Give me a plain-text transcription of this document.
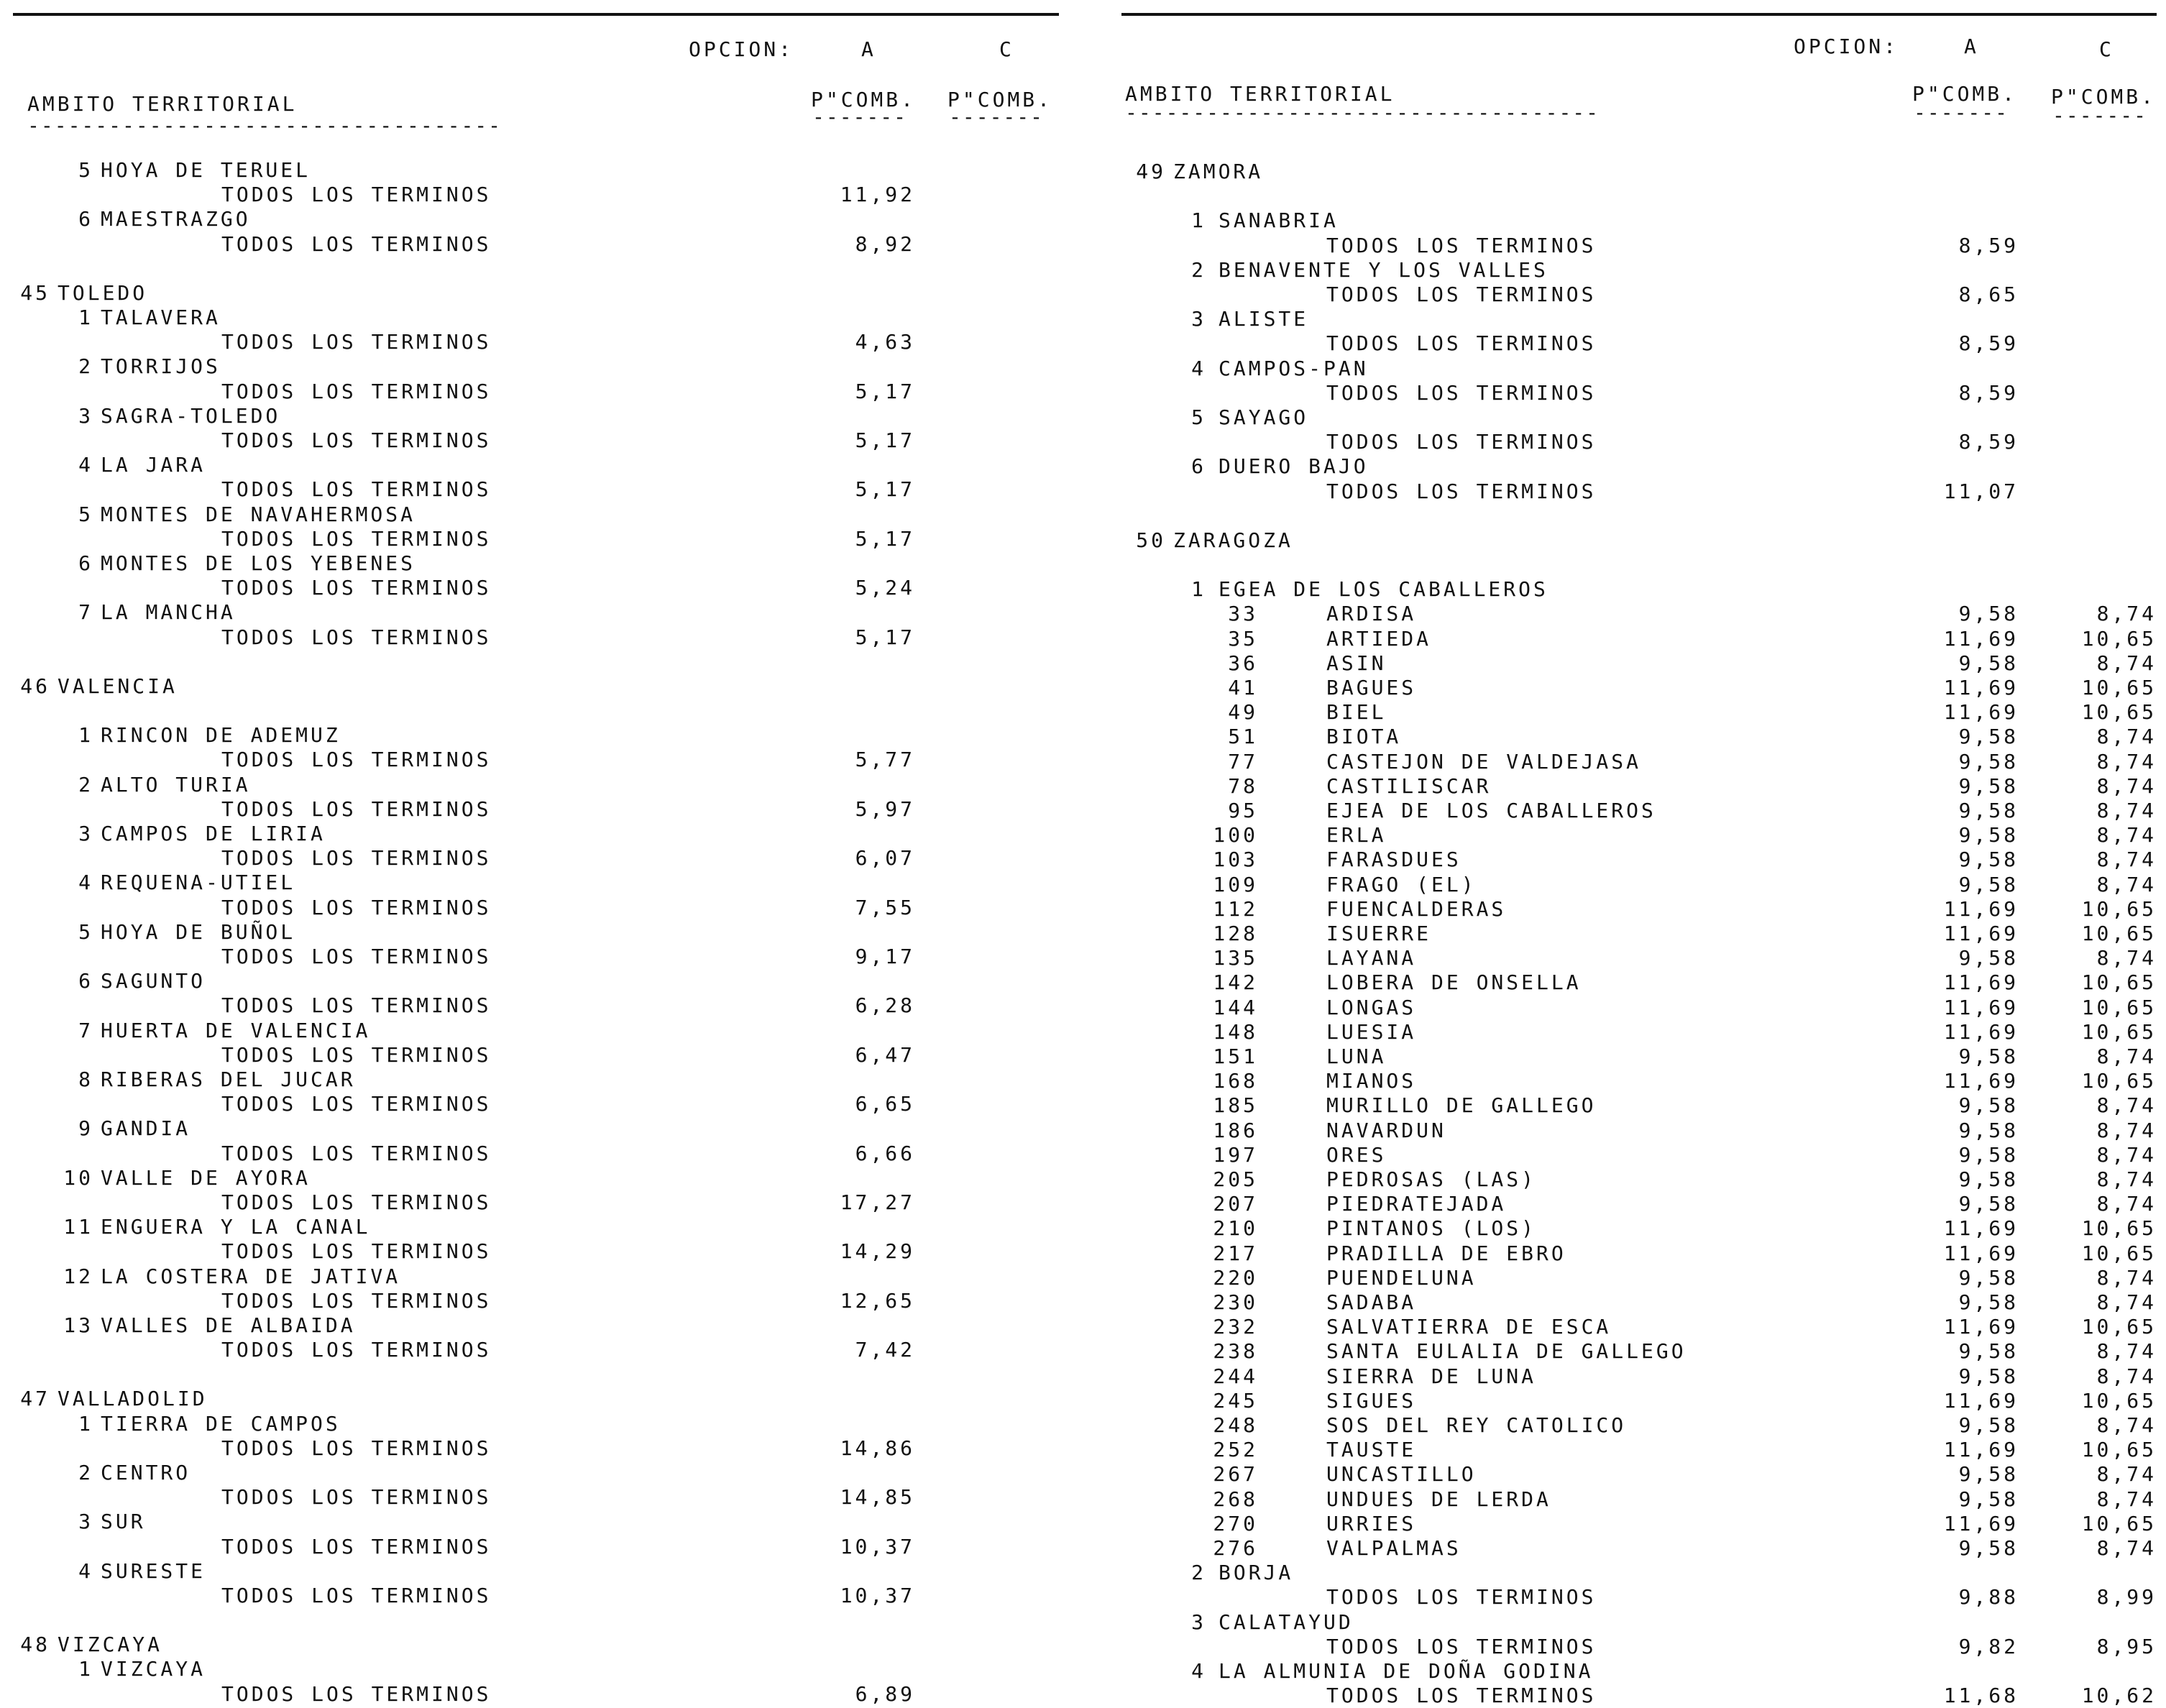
OPCION:	A	C
AMBITO TERRITORIAL	P"COMB. P"COMB.
-----------------------------------	-------	-------
5 HOYA DE TERUEL
TODOS LOS TERMINOS	11,92
6 MAESTRAZGO
TODOS LOS TERMINOS	8,92
45 TOLEDO
1 TALAVERA
TODOS LOS TERMINOS	4,63
2 TORRIJOS
TODOS LOS TERMINOS	5,17
3 SAGRA-TOLEDO
TODOS LOS TERMINOS	5,17
4 LA JARA
TODOS LOS TERMINOS	5,17
5 MONTES DE NAVAHERMOSA
TODOS LOS TERMINOS	5,17
6 MONTES DE LOS YEBENES
TODOS LOS TERMINOS	5,24
7 LA MANCHA
TODOS LOS TERMINOS	5,17
46 VALENCIA
1 RINCON DE ADEMUZ
TODOS LOS TERMINOS	5,77
2 ALTO TURIA
TODOS LOS TERMINOS	5,97
3 CAMPOS DE LIRIA
TODOS LOS TERMINOS	6,07
4 REQUENA-UTIEL
TODOS LOS TERMINOS	7,55
5 HOYA DE BUÑOL
TODOS LOS TERMINOS	9,17
6 SAGUNTO
TODOS LOS TERMINOS	6,28
7 HUERTA DE VALENCIA
TODOS LOS TERMINOS	6,47
8 RIBERAS DEL JUCAR
TODOS LOS TERMINOS	6,65
9 GANDIA
TODOS LOS TERMINOS	6,66
10 VALLE DE AYORA
TODOS LOS TERMINOS	17,27
11 ENGUERA Y LA CANAL
TODOS LOS TERMINOS	14,29
12 LA COSTERA DE JATIVA
TODOS LOS TERMINOS	12,65
13 VALLES DE ALBAIDA
TODOS LOS TERMINOS	7,42
47 VALLADOLID
1 TIERRA DE CAMPOS
TODOS LOS TERMINOS	14,86
2 CENTRO
TODOS LOS TERMINOS	14,85
3 SUR
TODOS LOS TERMINOS	10,37
4 SURESTE
TODOS LOS TERMINOS	10,37
48 VIZCAYA
1 VIZCAYA
TODOS LOS TERMINOS	6,89
OPCION:	A	C
AMBITO TERRITORIAL	P"COMB. P"COMB.
-----------------------------------	-------	-------
49 ZAMORA
1 SANABRIA
TODOS LOS TERMINOS	8,59
2 BENAVENTE Y LOS VALLES
TODOS LOS TERMINOS	8,65
3 ALISTE
TODOS LOS TERMINOS	8,59
4 CAMPOS-PAN
TODOS LOS TERMINOS	8,59
5 SAYAGO
TODOS LOS TERMINOS	8,59
6 DUERO BAJO
TODOS LOS TERMINOS	11,07
50 ZARAGOZA
1 EGEA DE LOS CABALLEROS
33	ARDISA	9,58	8,74
35	ARTIEDA	11,69	10,65
36	ASIN	9,58	8,74
41	BAGUES	11,69	10,65
49	BIEL	11,69	10,65
51	BIOTA	9,58	8,74
77	CASTEJON DE VALDEJASA	9,58	8,74
78	CASTILISCAR	9,58	8,74
95	EJEA DE LOS CABALLEROS	9,58	8,74
100	ERLA	9,58	8,74
103	FARASDUES	9,58	8,74
109	FRAGO (EL)	9,58	8,74
112	FUENCALDERAS	11,69	10,65
128	ISUERRE	11,69	10,65
135	LAYANA	9,58	8,74
142	LOBERA DE ONSELLA	11,69	10,65
144	LONGAS	11,69	10,65
148	LUESIA	11,69	10,65
151	LUNA	9,58	8,74
168	MIANOS	11,69	10,65
185	MURILLO DE GALLEGO	9,58	8,74
186	NAVARDUN	9,58	8,74
197	ORES	9,58	8,74
205	PEDROSAS (LAS)	9,58	8,74
207	PIEDRATEJADA	9,58	8,74
210	PINTANOS (LOS)	11,69	10,65
217	PRADILLA DE EBRO	11,69	10,65
220	PUENDELUNA	9,58	8,74
230	SADABA	9,58	8,74
232	SALVATIERRA DE ESCA	11,69	10,65
238	SANTA EULALIA DE GALLEGO	9,58	8,74
244	SIERRA DE LUNA	9,58	8,74
245	SIGUES	11,69	10,65
248	SOS DEL REY CATOLICO	9,58	8,74
252	TAUSTE	11,69	10,65
267	UNCASTILLO	9,58	8,74
268	UNDUES DE LERDA	9,58	8,74
270	URRIES	11,69	10,65
276	VALPALMAS	9,58	8,74
2 BORJA
TODOS LOS TERMINOS	9,88	8,99
3 CALATAYUD
TODOS LOS TERMINOS	9,82	8,95
4 LA ALMUNIA DE DOÑA GODINA
TODOS LOS TERMINOS	11,68	10,62
